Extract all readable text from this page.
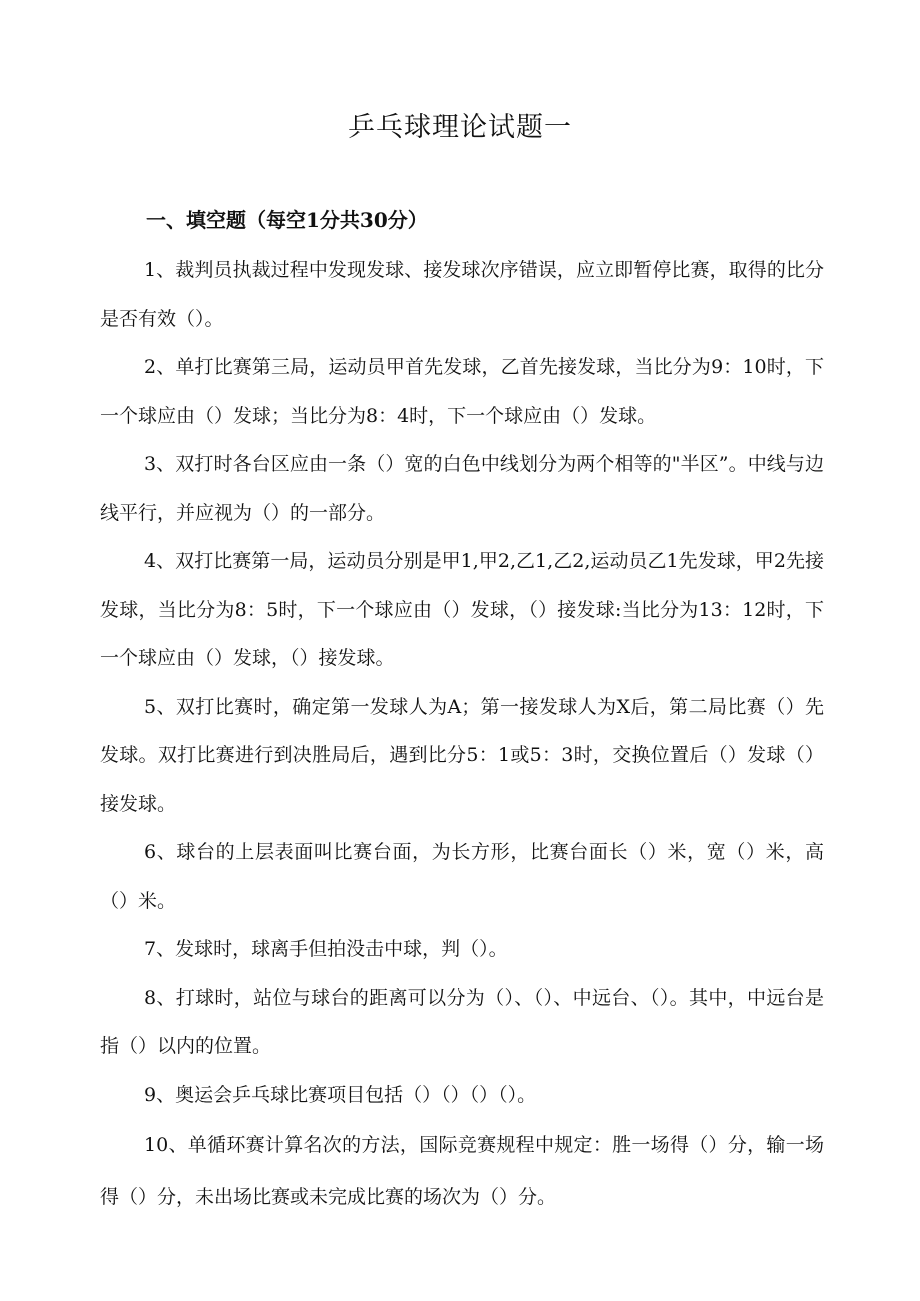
乒乓球理论试题一
一、填空题（每空1分共30分）

1、裁判员执裁过程中发现发球、接发球次序错误，应立即暂停比赛，取得的比分是否有效（）。

2、单打比赛第三局，运动员甲首先发球，乙首先接发球，当比分为9：10时，下一个球应由（）发球；当比分为8：4时，下一个球应由（）发球。

3、双打时各台区应由一条（）宽的白色中线划分为两个相等的"半区”。中线与边线平行，并应视为（）的一部分。

4、双打比赛第一局，运动员分别是甲1,甲2,乙1,乙2,运动员乙1先发球，甲2先接发球，当比分为8：5时，下一个球应由（）发球，（）接发球:当比分为13：12时，下一个球应由（）发球，（）接发球。

5、双打比赛时，确定第一发球人为A；第一接发球人为X后，第二局比赛（）先发球。双打比赛进行到决胜局后，遇到比分5：1或5：3时，交换位置后（）发球（）接发球。

6、球台的上层表面叫比赛台面，为长方形，比赛台面长（）米，宽（）米，高（）米。

7、发球时，球离手但拍没击中球，判（）。

8、打球时，站位与球台的距离可以分为（）、（）、中远台、（）。其中，中远台是指（）以内的位置。

9、奥运会乒乓球比赛项目包括（）（）（）（）。

10、单循环赛计算名次的方法，国际竞赛规程中规定：胜一场得（）分，输一场得（）分，未出场比赛或未完成比赛的场次为（）分。
